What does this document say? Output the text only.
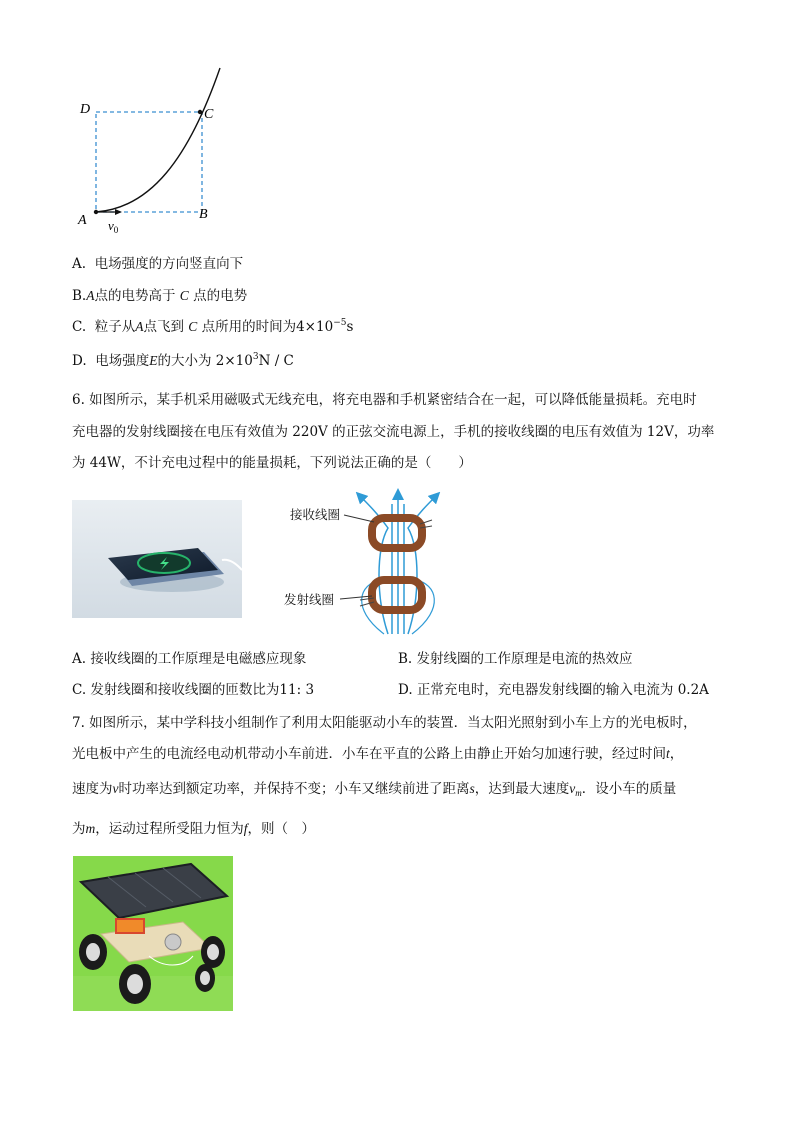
D	C
A	B
$v_0$
A. 电场强度的方向竖直向下
B.A点的电势高于 C 点的电势
C. 粒子从A点飞到 C 点所用的时间为$4\times 10^{-5}s$
D. 电场强度E的大小为 $2\times 10^3N / C$
6. 如图所示，某手机采用磁吸式无线充电，将充电器和手机紧密结合在一起，可以降低能量损耗。充电时
充电器的发射线圈接在电压有效值为 220V 的正弦交流电源上，手机的接收线圈的电压有效值为 12V，功率
为 44W，不计充电过程中的能量损耗，下列说法正确的是（　　）
接收线圈
发射线圈
A. 接收线圈的工作原理是电磁感应现象	B. 发射线圈的工作原理是电流的热效应
C. 发射线圈和接收线圈的匝数比为11: 3	D. 正常充电时，充电器发射线圈的输入电流为 0.2A
7. 如图所示，某中学科技小组制作了利用太阳能驱动小车的装置．当太阳光照射到小车上方的光电板时，
光电板中产生的电流经电动机带动小车前进．小车在平直的公路上由静止开始匀加速行驶，经过时间t，
速度为v时功率达到额定功率，并保持不变；小车又继续前进了距离s，达到最大速度$v_m$．设小车的质量
为m，运动过程所受阻力恒为f，则（　）
